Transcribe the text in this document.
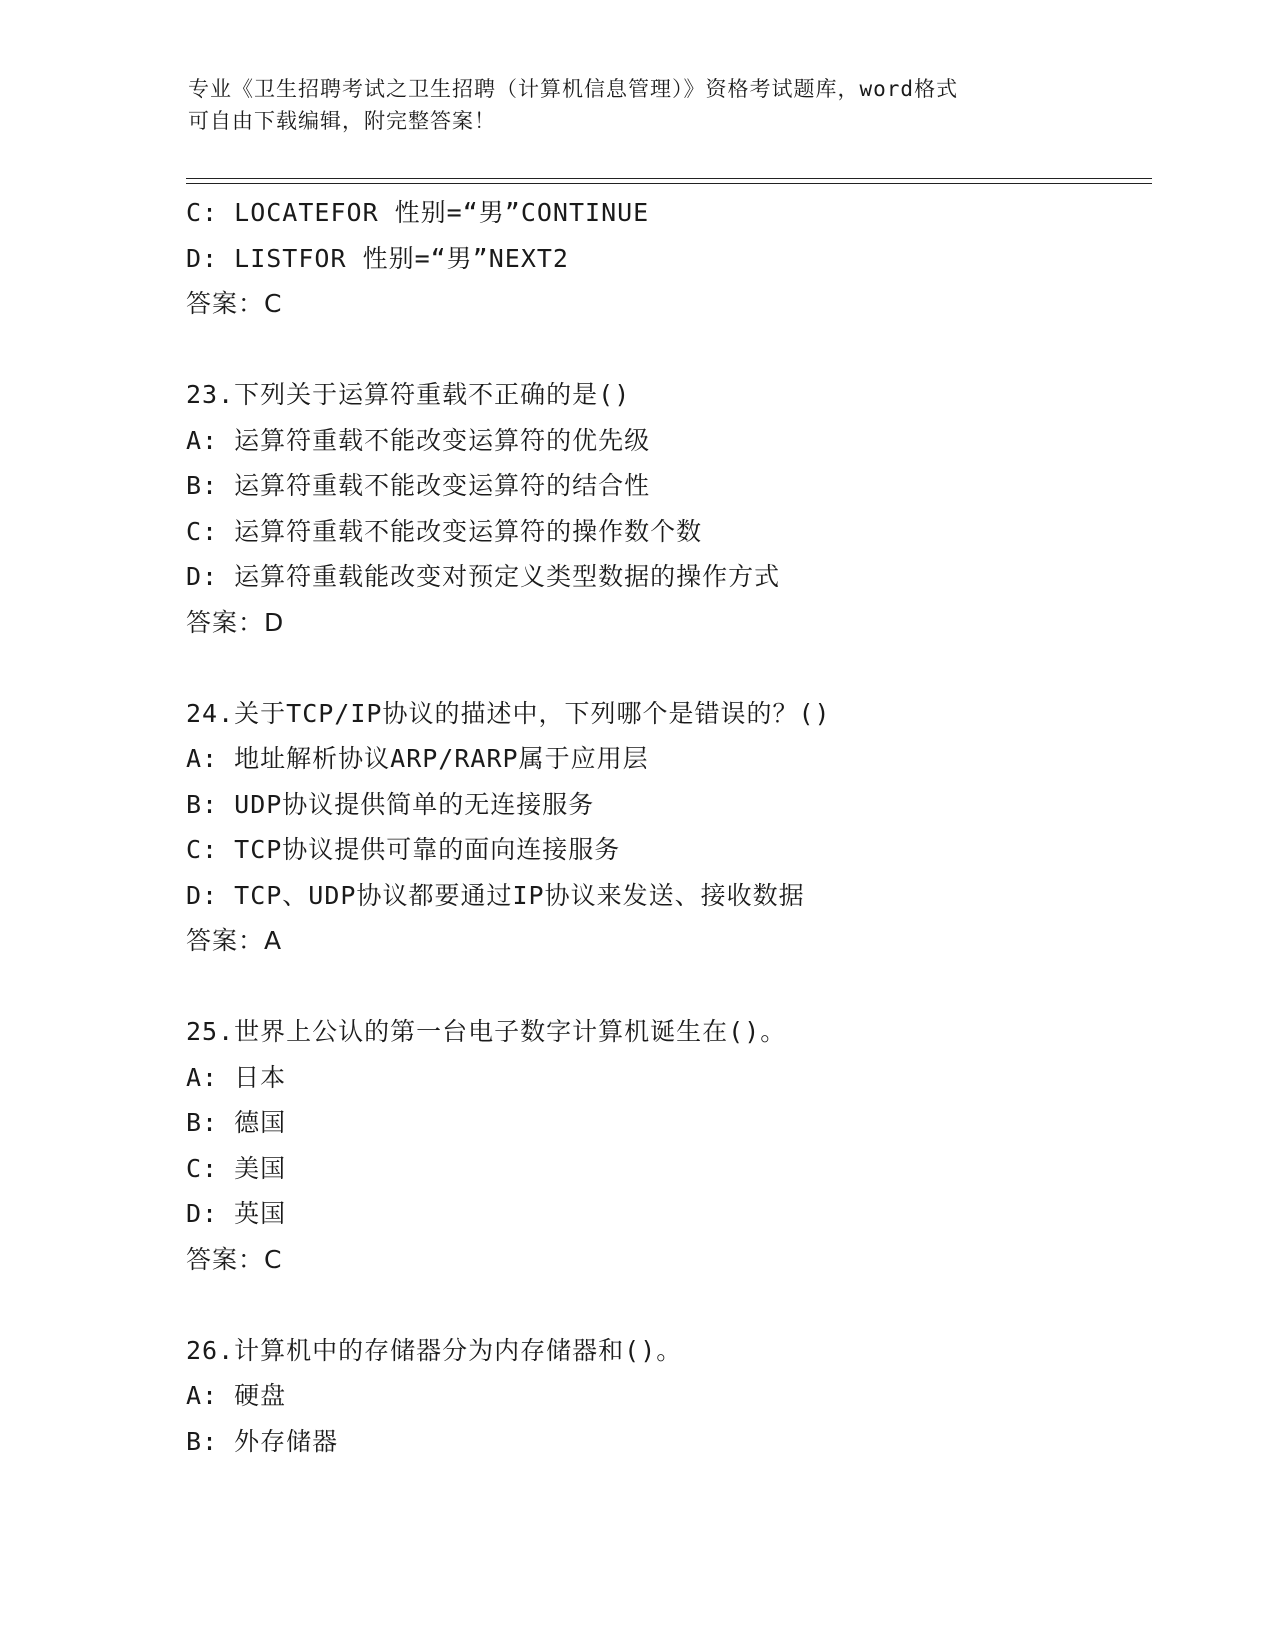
专业《卫生招聘考试之卫生招聘（计算机信息管理）》资格考试题库，word格式
可自由下载编辑，附完整答案！
C: LOCATEFOR 性别=“男”CONTINUE
D: LISTFOR 性别=“男”NEXT2
答案：C
23.下列关于运算符重载不正确的是()
A: 运算符重载不能改变运算符的优先级
B: 运算符重载不能改变运算符的结合性
C: 运算符重载不能改变运算符的操作数个数
D: 运算符重载能改变对预定义类型数据的操作方式
答案：D
24.关于TCP/IP协议的描述中，下列哪个是错误的？()
A: 地址解析协议ARP/RARP属于应用层
B: UDP协议提供简单的无连接服务
C: TCP协议提供可靠的面向连接服务
D: TCP、UDP协议都要通过IP协议来发送、接收数据
答案：A
25.世界上公认的第一台电子数字计算机诞生在()。
A: 日本
B: 德国
C: 美国
D: 英国
答案：C
26.计算机中的存储器分为内存储器和()。
A: 硬盘
B: 外存储器
